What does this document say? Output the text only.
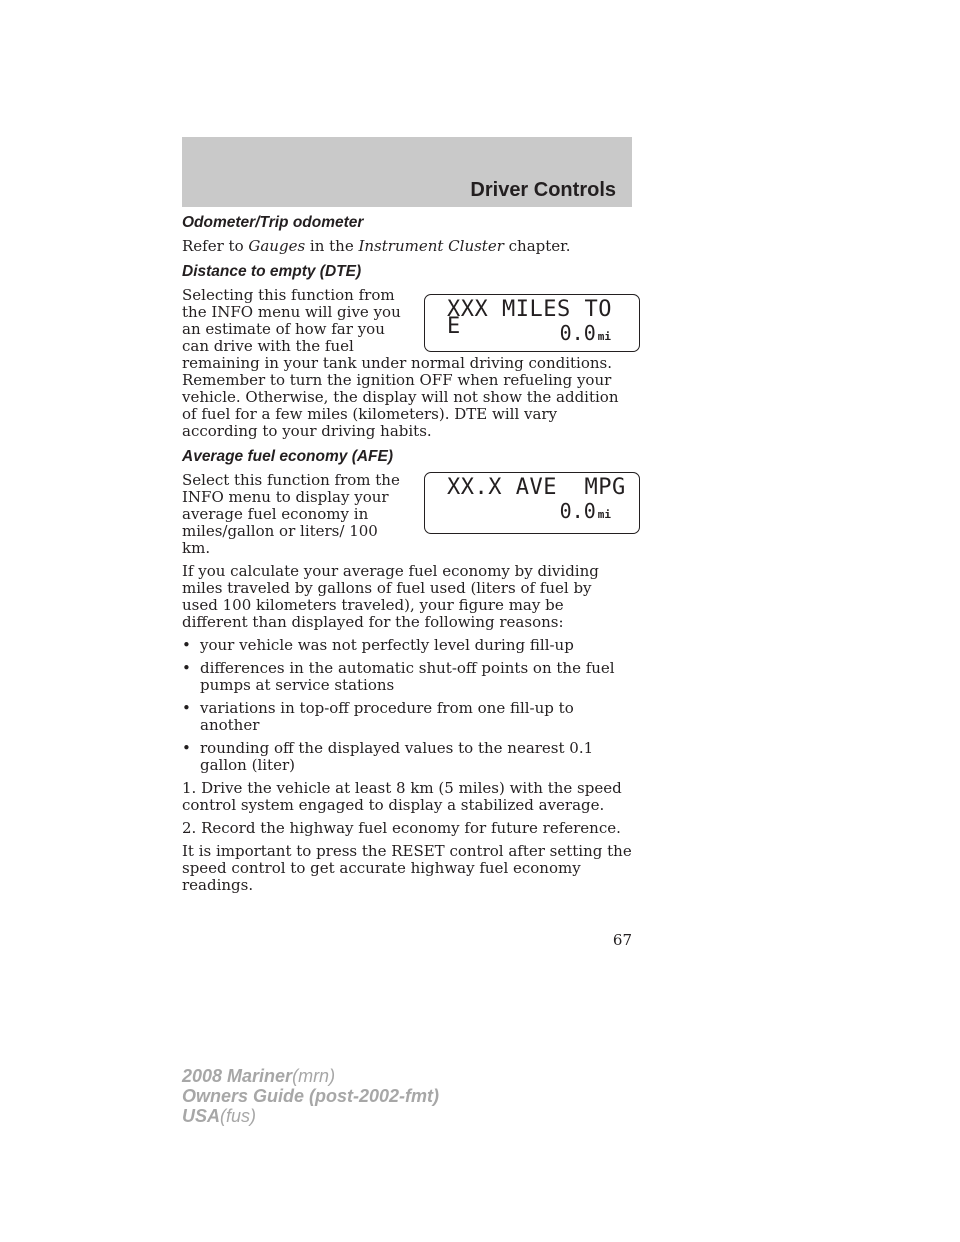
Driver Controls
Odometer/Trip odometer

Refer to Gauges in the Instrument Cluster chapter.

Distance to empty (DTE)
XXX MILES TO E	0.0 mi

Selecting this function from the INFO menu will give you an estimate of how far you can drive with the fuel remaining in your tank under normal driving conditions. Remember to turn the ignition OFF when refueling your vehicle. Otherwise, the display will not show the addition of fuel for a few miles (kilometers). DTE will vary according to your driving habits.

Average fuel economy (AFE)
XX.X AVE  MPG
0.0 mi

Select this function from the INFO menu to display your average fuel economy in miles/gallon or liters/ 100 km.

If you calculate your average fuel economy by dividing miles traveled by gallons of fuel used (liters of fuel by used 100 kilometers traveled), your figure may be different than displayed for the following reasons:

• your vehicle was not perfectly level during fill-up
• differences in the automatic shut-off points on the fuel pumps at service stations
• variations in top-off procedure from one fill-up to another
• rounding off the displayed values to the nearest 0.1 gallon (liter)

1. Drive the vehicle at least 8 km (5 miles) with the speed control system engaged to display a stabilized average.

2. Record the highway fuel economy for future reference.

It is important to press the RESET control after setting the speed control to get accurate highway fuel economy readings.

67
2008 Mariner(mrn)
Owners Guide (post-2002-fmt)
USA(fus)
